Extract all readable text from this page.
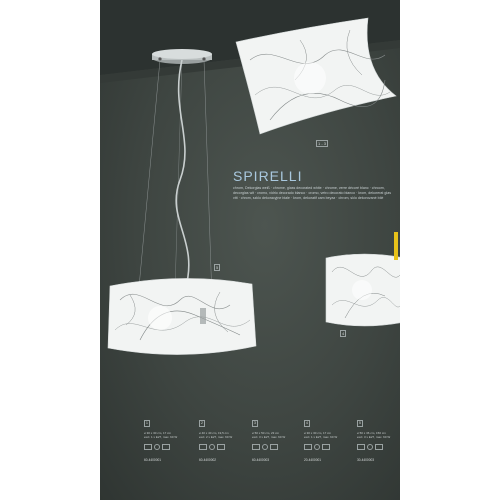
1 - 3
5
4
SPIRELLI
chrom, Dekorglas weiß · chrome, glass decorated white · chrome, verre décoré blanc · chroom, decorglas wit · cromo, vidrio decorado blanco · cromo, vetro decorato bianco · krom, dekorerat glas vitt · chrom, szklo dekoracyjne biale · krom, dekoratif cam beyaz · chrom, sklo dekorované bílé
1
⌀ 30 x 30 cm, 17 cm
excl. 1 x E27, max. 60 W
60-4400001
2
⌀ 40 x 40 cm, 19,5 cm
excl. 2 x E27, max. 60 W
60-4400002
3
⌀ 50 x 50 cm, 23 cm
excl. 3 x E27, max. 60 W
60-4400003
4
⌀ 30 x 30 cm, 17 cm
excl. 1 x E27, max. 60 W
20-4400001
5
⌀ 50 x 36 cm, 150 cm
excl. 3 x E27, max. 60 W
30-4400003
